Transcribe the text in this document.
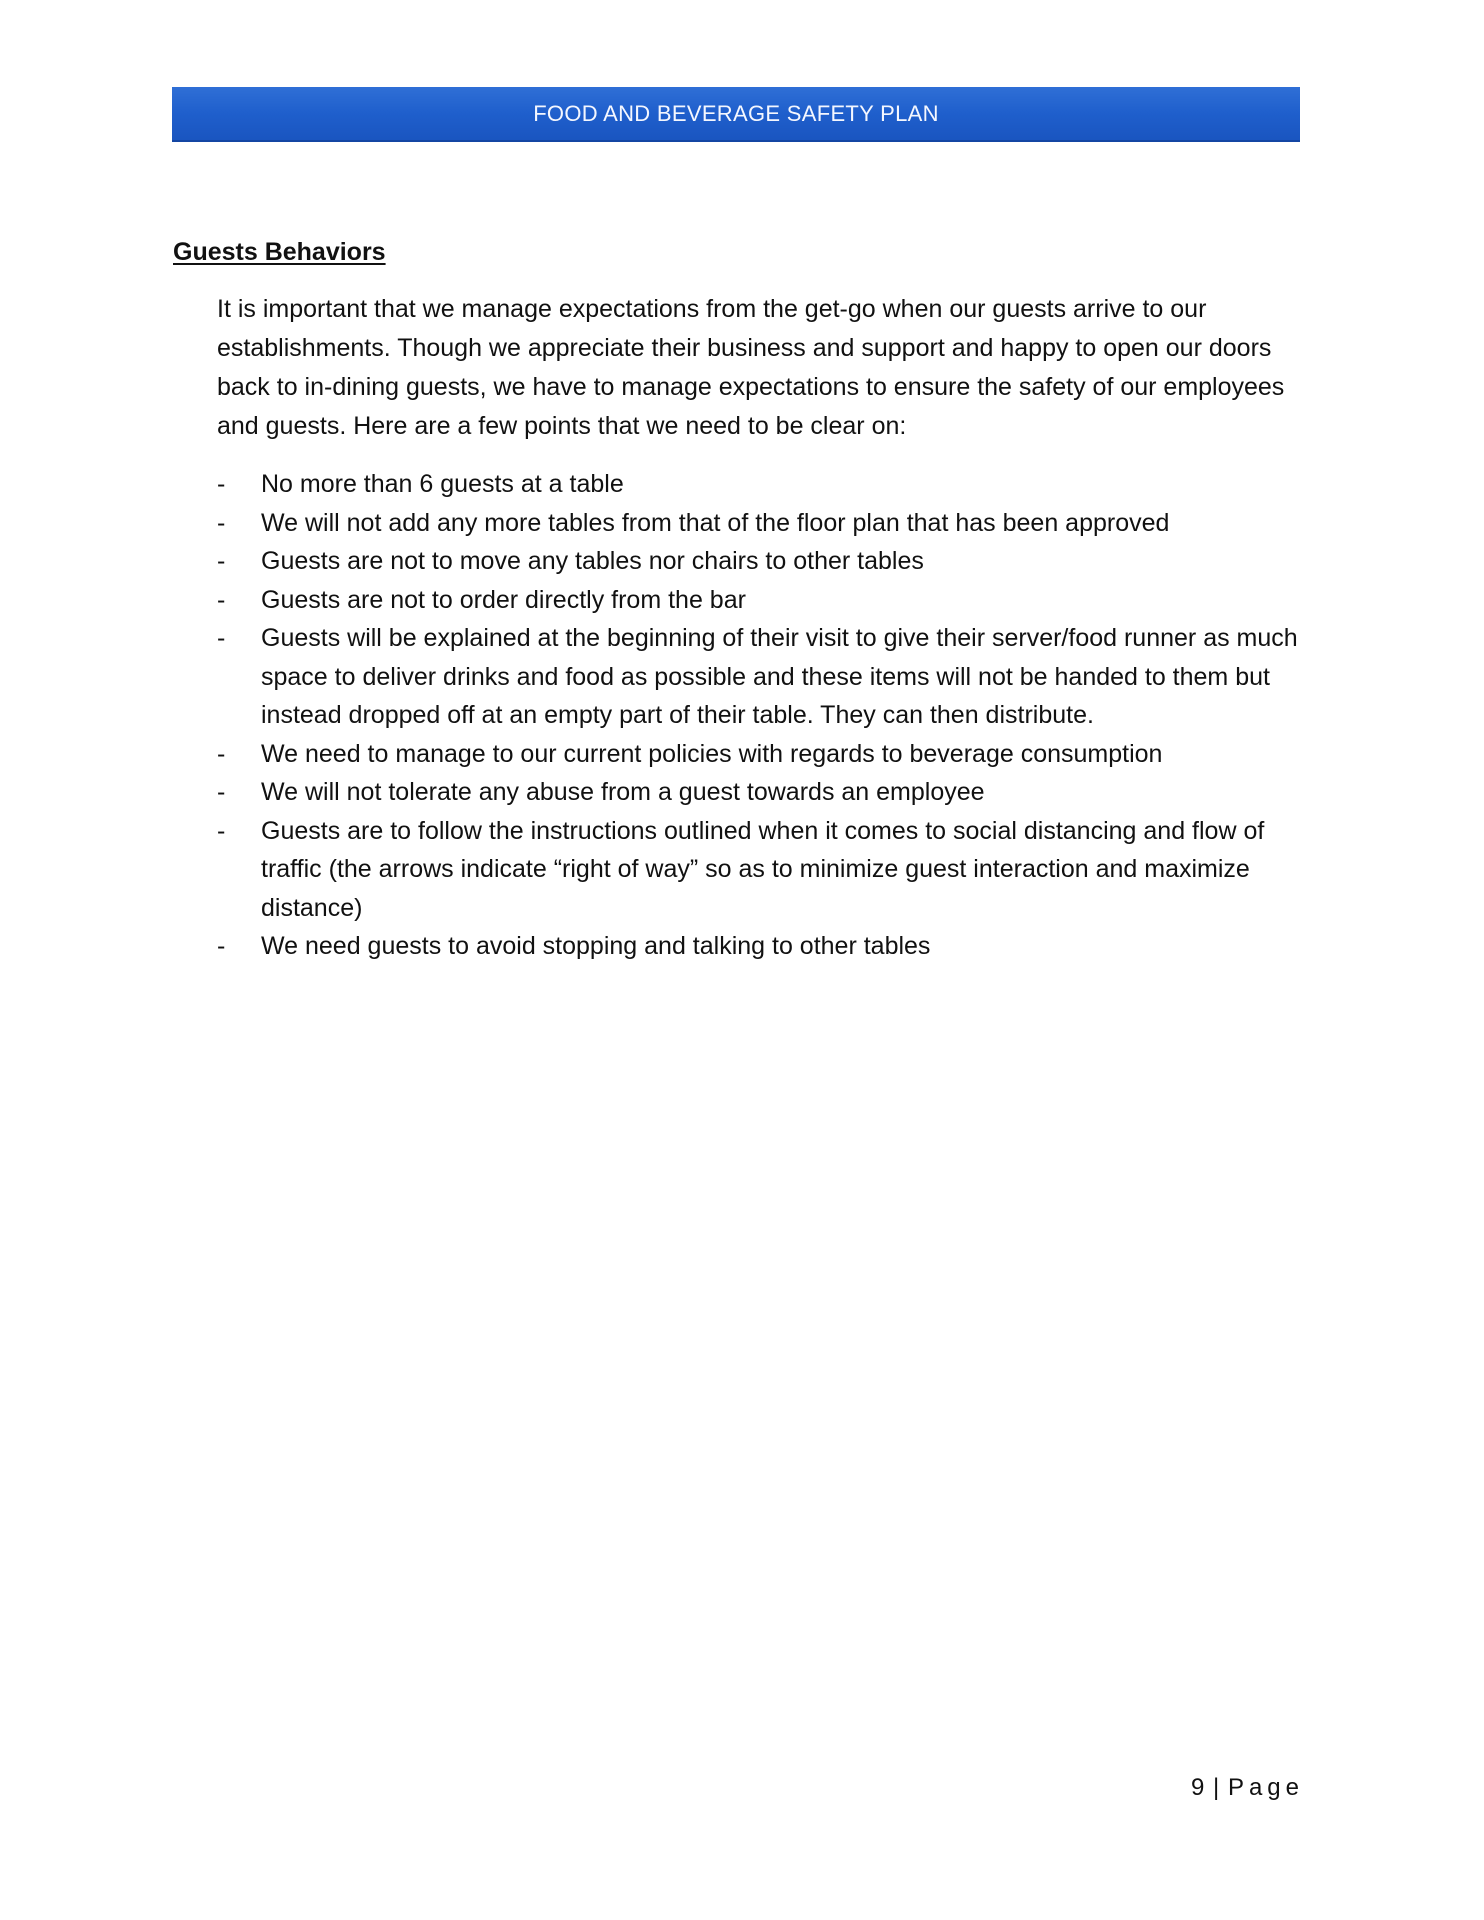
FOOD AND BEVERAGE SAFETY PLAN
Guests Behaviors

It is important that we manage expectations from the get-go when our guests arrive to our establishments. Though we appreciate their business and support and happy to open our doors back to in-dining guests, we have to manage expectations to ensure the safety of our employees and guests. Here are a few points that we need to be clear on:

- No more than 6 guests at a table
- We will not add any more tables from that of the floor plan that has been approved
- Guests are not to move any tables nor chairs to other tables
- Guests are not to order directly from the bar
- Guests will be explained at the beginning of their visit to give their server/food runner as much space to deliver drinks and food as possible and these items will not be handed to them but instead dropped off at an empty part of their table. They can then distribute.
- We need to manage to our current policies with regards to beverage consumption
- We will not tolerate any abuse from a guest towards an employee
- Guests are to follow the instructions outlined when it comes to social distancing and flow of traffic (the arrows indicate “right of way” so as to minimize guest interaction and maximize distance)
- We need guests to avoid stopping and talking to other tables
9 | Page
